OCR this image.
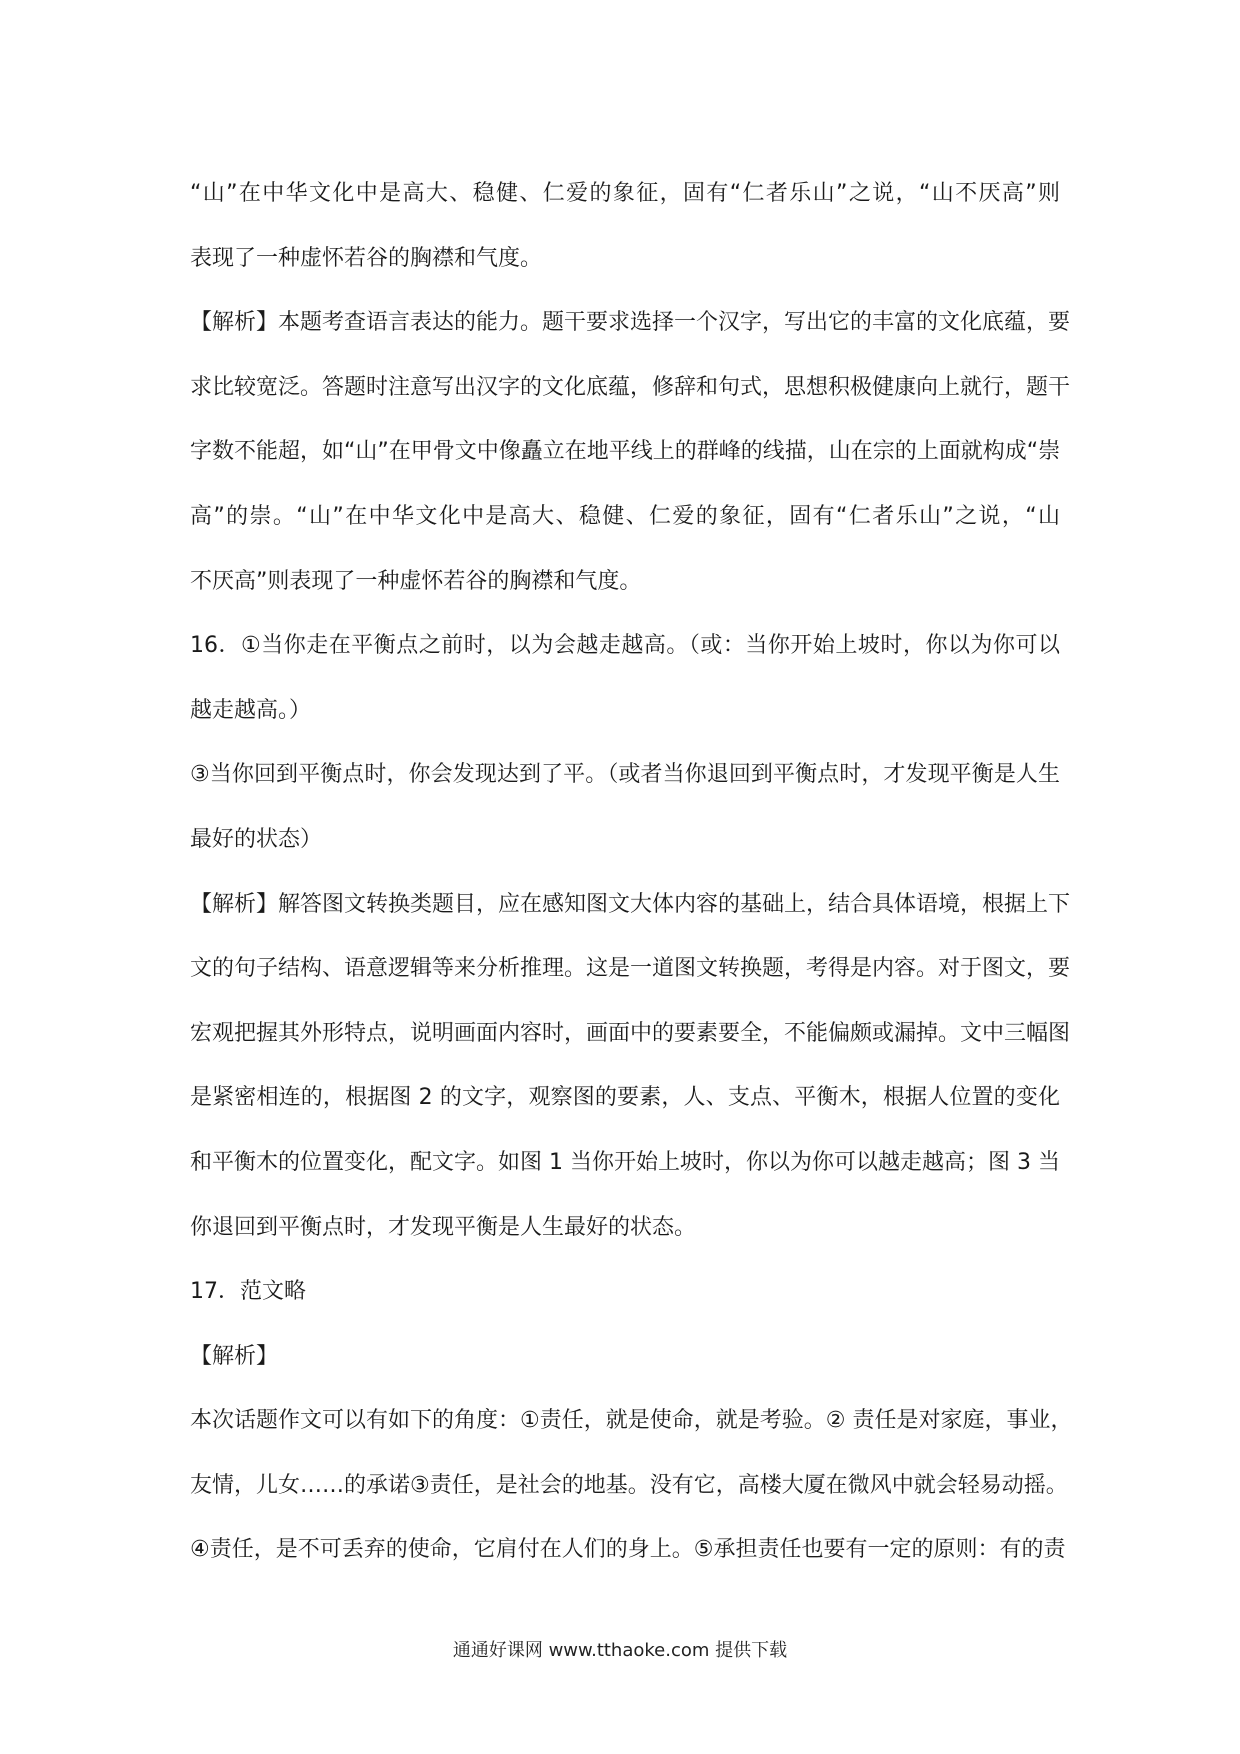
“山”在中华文化中是高大、稳健、仁爱的象征，固有“仁者乐山”之说，“山不厌高”则
表现了一种虚怀若谷的胸襟和气度。
【解析】本题考查语言表达的能力。题干要求选择一个汉字，写出它的丰富的文化底蕴，要
求比较宽泛。答题时注意写出汉字的文化底蕴，修辞和句式，思想积极健康向上就行，题干
字数不能超，如“山”在甲骨文中像矗立在地平线上的群峰的线描，山在宗的上面就构成“崇
高”的崇。“山”在中华文化中是高大、稳健、仁爱的象征，固有“仁者乐山”之说，“山
不厌高”则表现了一种虚怀若谷的胸襟和气度。
16．①当你走在平衡点之前时，以为会越走越高。（或：当你开始上坡时，你以为你可以
越走越高。）
③当你回到平衡点时，你会发现达到了平。（或者当你退回到平衡点时，才发现平衡是人生
最好的状态）
【解析】解答图文转换类题目，应在感知图文大体内容的基础上，结合具体语境，根据上下
文的句子结构、语意逻辑等来分析推理。这是一道图文转换题，考得是内容。对于图文，要
宏观把握其外形特点，说明画面内容时，画面中的要素要全，不能偏颇或漏掉。文中三幅图
是紧密相连的，根据图 2 的文字，观察图的要素，人、支点、平衡木，根据人位置的变化
和平衡木的位置变化，配文字。如图 1 当你开始上坡时，你以为你可以越走越高；图 3 当
你退回到平衡点时，才发现平衡是人生最好的状态。
17．范文略
【解析】
本次话题作文可以有如下的角度：①责任，就是使命，就是考验。② 责任是对家庭，事业，
友情，儿女……的承诺③责任，是社会的地基。没有它，高楼大厦在微风中就会轻易动摇。
④责任，是不可丢弃的使命，它肩付在人们的身上。⑤承担责任也要有一定的原则：有的责
通通好课网 www.tthaoke.com 提供下载
